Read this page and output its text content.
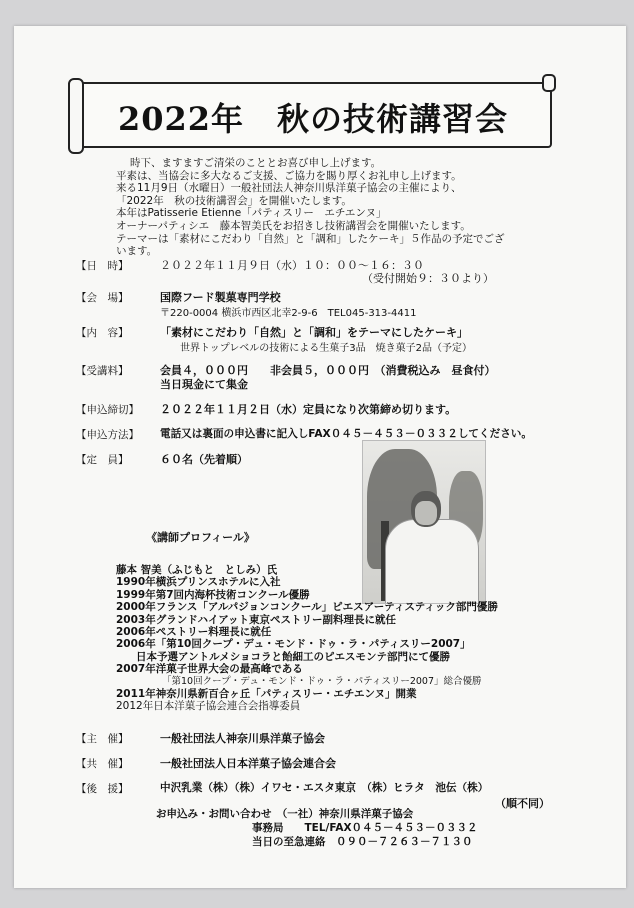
2022年　秋の技術講習会
時下、ますますご清栄のこととお喜び申し上げます。
平素は、当協会に多大なるご支援、ご協力を賜り厚くお礼申し上げます。
来る11月9日（水曜日）一般社団法人神奈川県洋菓子協会の主催により、
「2022年　秋の技術講習会」を開催いたします。
本年はPatisserie Etienne「パティスリー　エチエンヌ」
オーナーパティシエ　藤本智美氏をお招きし技術講習会を開催いたします。
テーマーは「素材にこだわり「自然」と「調和」したケーキ」５作品の予定でござ
います。
【日　時】	２０２２年１１月９日（水）１０：００～１６：３０
（受付開始９：３０より）
【会　場】	国際フード製菓専門学校
〒220-0004 横浜市西区北幸2-9-6　TEL045-313-4411
【内　容】	「素材にこだわり「自然」と「調和」をテーマにしたケーキ」
世界トップレベルの技術による生菓子3品　焼き菓子2品（予定）
【受講料】	会員４，０００円　　非会員５，０００円　（消費税込み　昼食付）
当日現金にて集金
【申込締切】 ２０２２年１１月２日（水）定員になり次第締め切ります。
【申込方法】 電話又は裏面の申込書に記入しFAX０４５－４５３－０３３２してください。
【定　員】	６０名（先着順）
《講師プロフィール》
藤本 智美（ふじもと　としみ）氏
1990年横浜プリンスホテルに入社
1999年第7回内海杯技術コンクール優勝
2000年フランス「アルパジョンコンクール」ピエスアーティスティック部門優勝
2003年グランドハイアット東京ペストリー副料理長に就任
2006年ペストリー料理長に就任
2006年「第10回クープ・デュ・モンド・ドゥ・ラ・パティスリー2007」
日本予選アントルメショコラと飴細工のピエスモンテ部門にて優勝
2007年洋菓子世界大会の最高峰である
「第10回クープ・デュ・モンド・ドゥ・ラ・パティスリー2007」総合優勝
2011年神奈川県新百合ヶ丘「パティスリー・エチエンヌ」開業
2012年日本洋菓子協会連合会指導委員
【主　催】	一般社団法人神奈川県洋菓子協会
【共　催】	一般社団法人日本洋菓子協会連合会
【後　援】	中沢乳業（株）（株）イワセ・エスタ東京　（株）ヒラタ　池伝（株）
（順不同）
お申込み・お問い合わせ　（一社）神奈川県洋菓子協会
事務局　　TEL/FAX０４５－４５３－０３３２
当日の至急連絡　０９０－７２６３－７１３０
